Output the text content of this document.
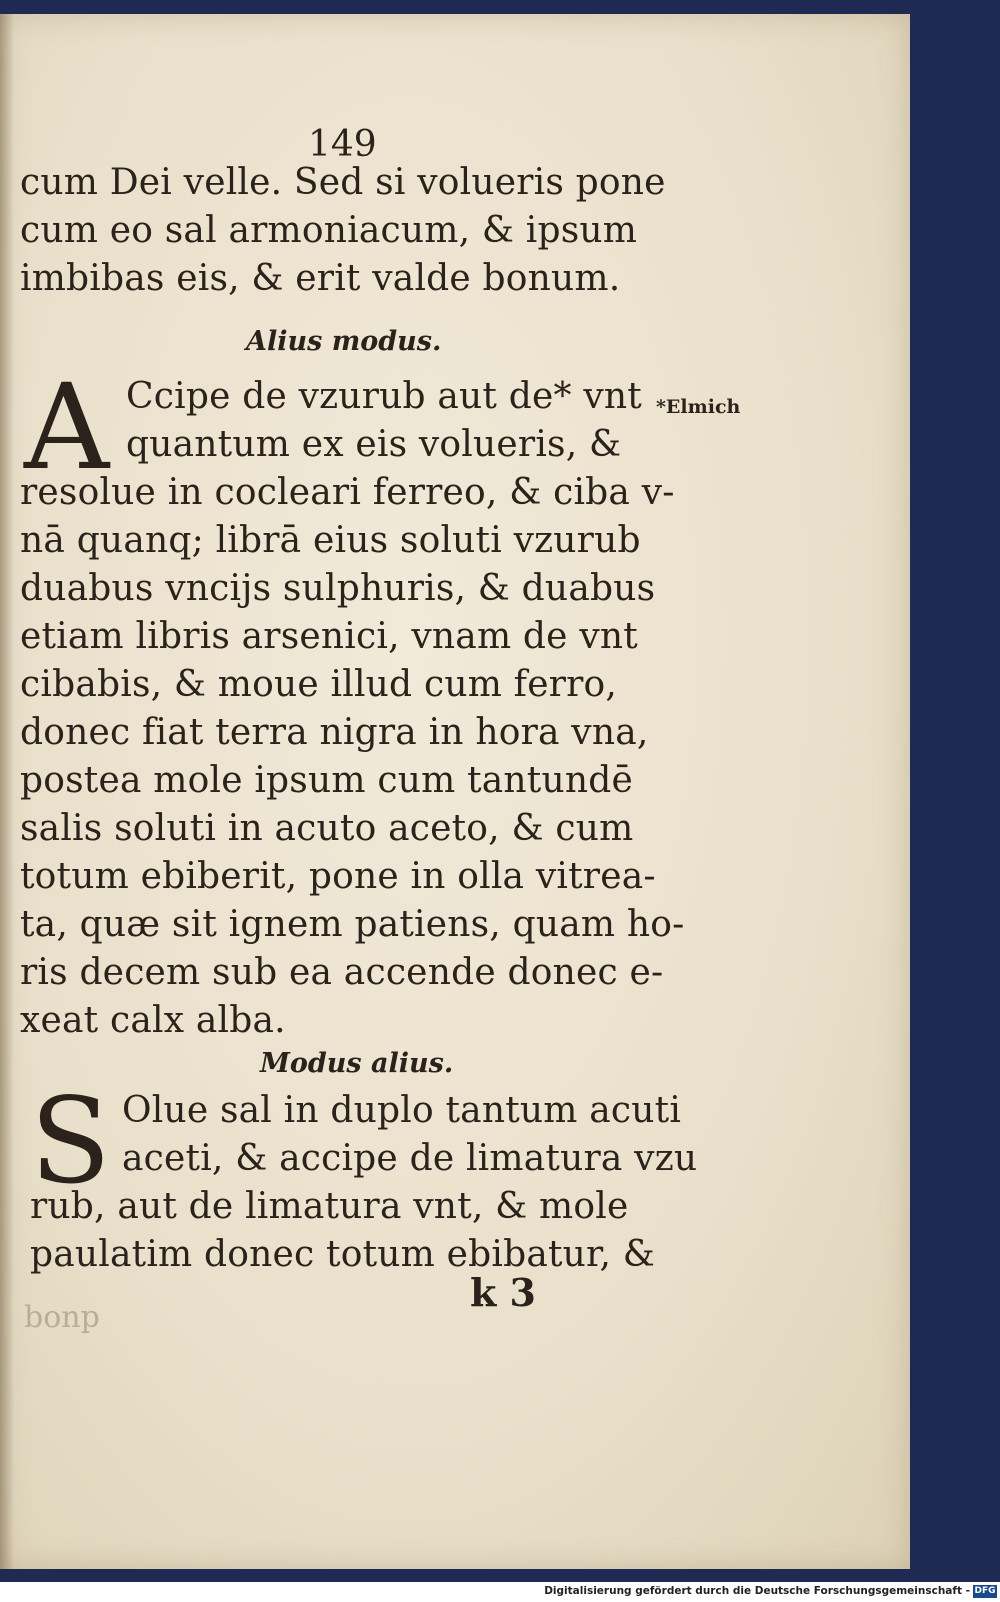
149
cum Dei velle. Sed si volueris pone
cum eo sal armoniacum, & ipsum
imbibas eis, & erit valde bonum.
Alius modus.
A Ccipe de vzurub aut de* vnt
quantum ex eis volueris, &
resolue in cocleari ferreo, & ciba v-
nā quanq; librā eius soluti vzurub
duabus vncijs sulphuris, & duabus
etiam libris arsenici, vnam de vnt
cibabis, & moue illud cum ferro,
donec fiat terra nigra in hora vna,
postea mole ipsum cum tantundē
salis soluti in acuto aceto, & cum
totum ebiberit, pone in olla vitrea-
ta, quæ sit ignem patiens, quam ho-
ris decem sub ea accende donec e-
xeat calx alba.
*Elmich
Modus alius.
S Olue sal in duplo tantum acuti
aceti, & accipe de limatura vzu
rub, aut de limatura vnt, & mole
paulatim donec totum ebibatur, &
k 3
bonp
Digitalisierung gefördert durch die Deutsche Forschungsgemeinschaft - DFG
